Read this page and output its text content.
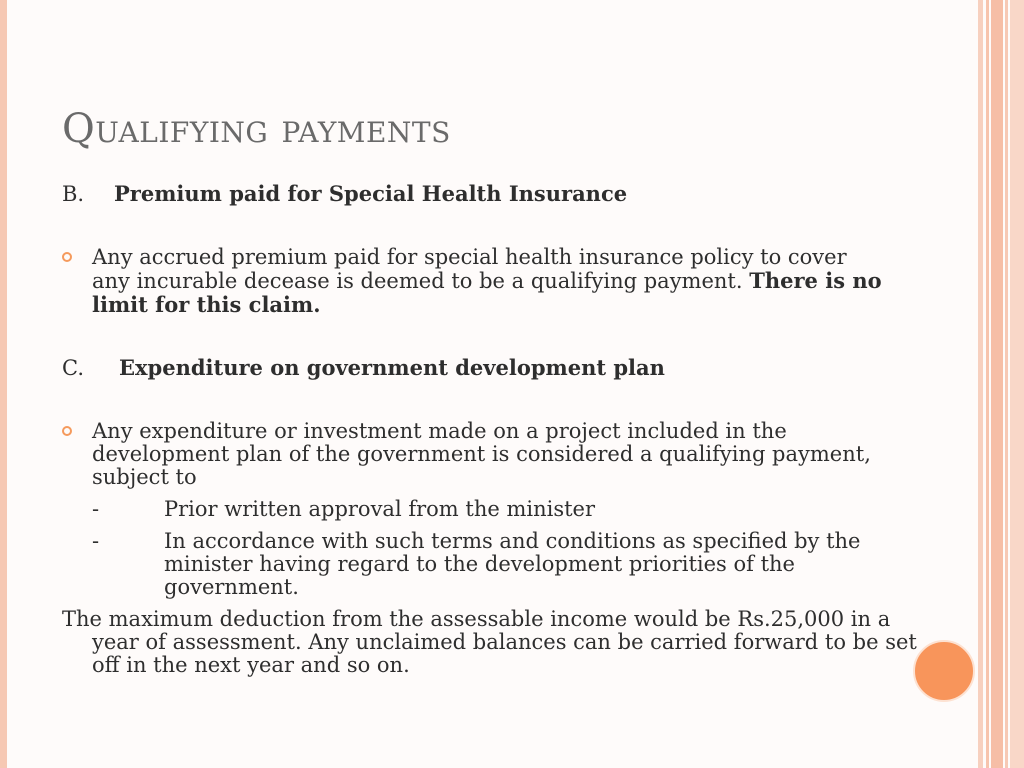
Qualifying payments
B. Premium paid for Special Health Insurance
Any accrued premium paid for special health insurance policy to cover any incurable decease is deemed to be a qualifying payment. There is no limit for this claim.
C. Expenditure on government development plan
Any expenditure or investment made on a project included in the development plan of the government is considered a qualifying payment, subject to
-	Prior written approval from the minister
-	In accordance with such terms and conditions as specified by the minister having regard to the development priorities of the government.
The maximum deduction from the assessable income would be Rs.25,000 in a year of assessment. Any unclaimed balances can be carried forward to be set off in the next year and so on.
